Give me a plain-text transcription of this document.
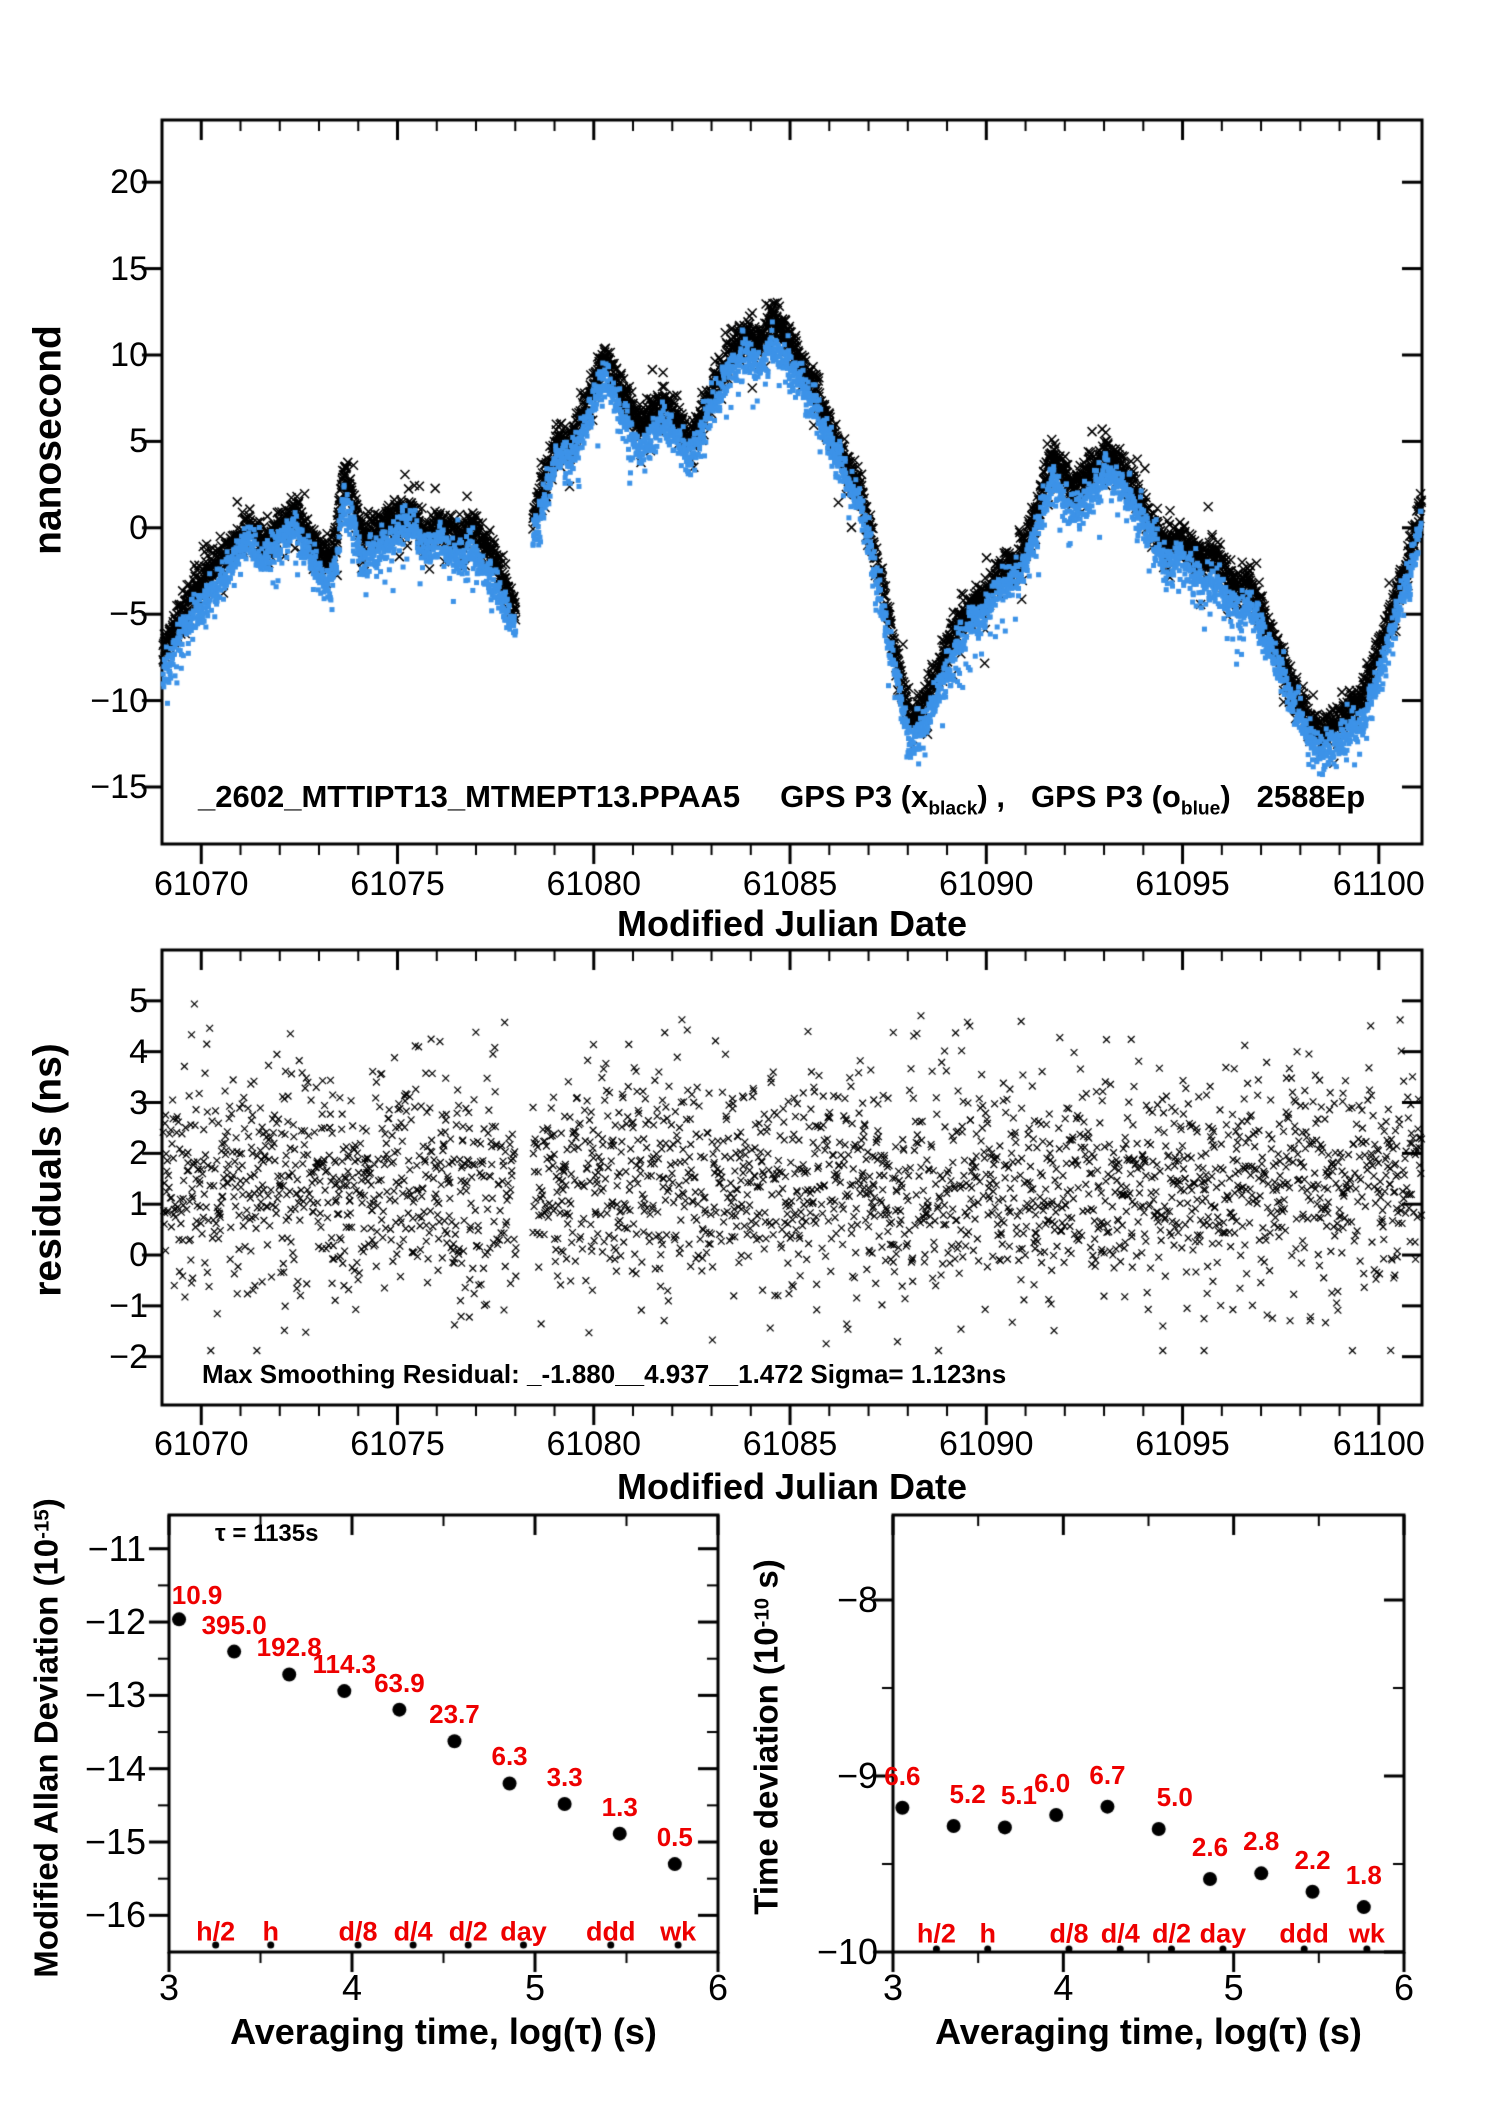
−15
−10
−5
0
5
10
15
20
61070	61075	61080	61085	61090	61095	61100
Modified Julian Date
nanosecond
_2602_MTTIPT13_MTMEPT13.PPAA5 GPS P3 $(x_{black})$ , GPS P3 $(o_{blue})$ 2588Ep
−2
−1
0
1
2
3
4
5
61070	61075	61080	61085	61090	61095	61100
Modified Julian Date
residuals (ns)
Max Smoothing Residual: _-1.880__4.937__1.472 Sigma= 1.123ns
−11
−12
−13
−14
−15
−16
3	4	5	6
Averaging time, log(τ) (s)
Modified Allan Deviation $(10^{-15})$
τ = 1135s
10.9
395.0
192.8
114.3
63.9
23.7
6.3
3.3
1.3
0.5
h/2 h d/8 d/4 d/2 day ddd wk
−8
−9
−10
3	4	5	6
Averaging time, log(τ) (s)
Time deviation ($10^{-10}$ s)
6.6
5.2 5.1
6.0 6.7
5.0
2.6 2.8
2.2
1.8
h/2 h d/8 d/4 d/2 day ddd wk
